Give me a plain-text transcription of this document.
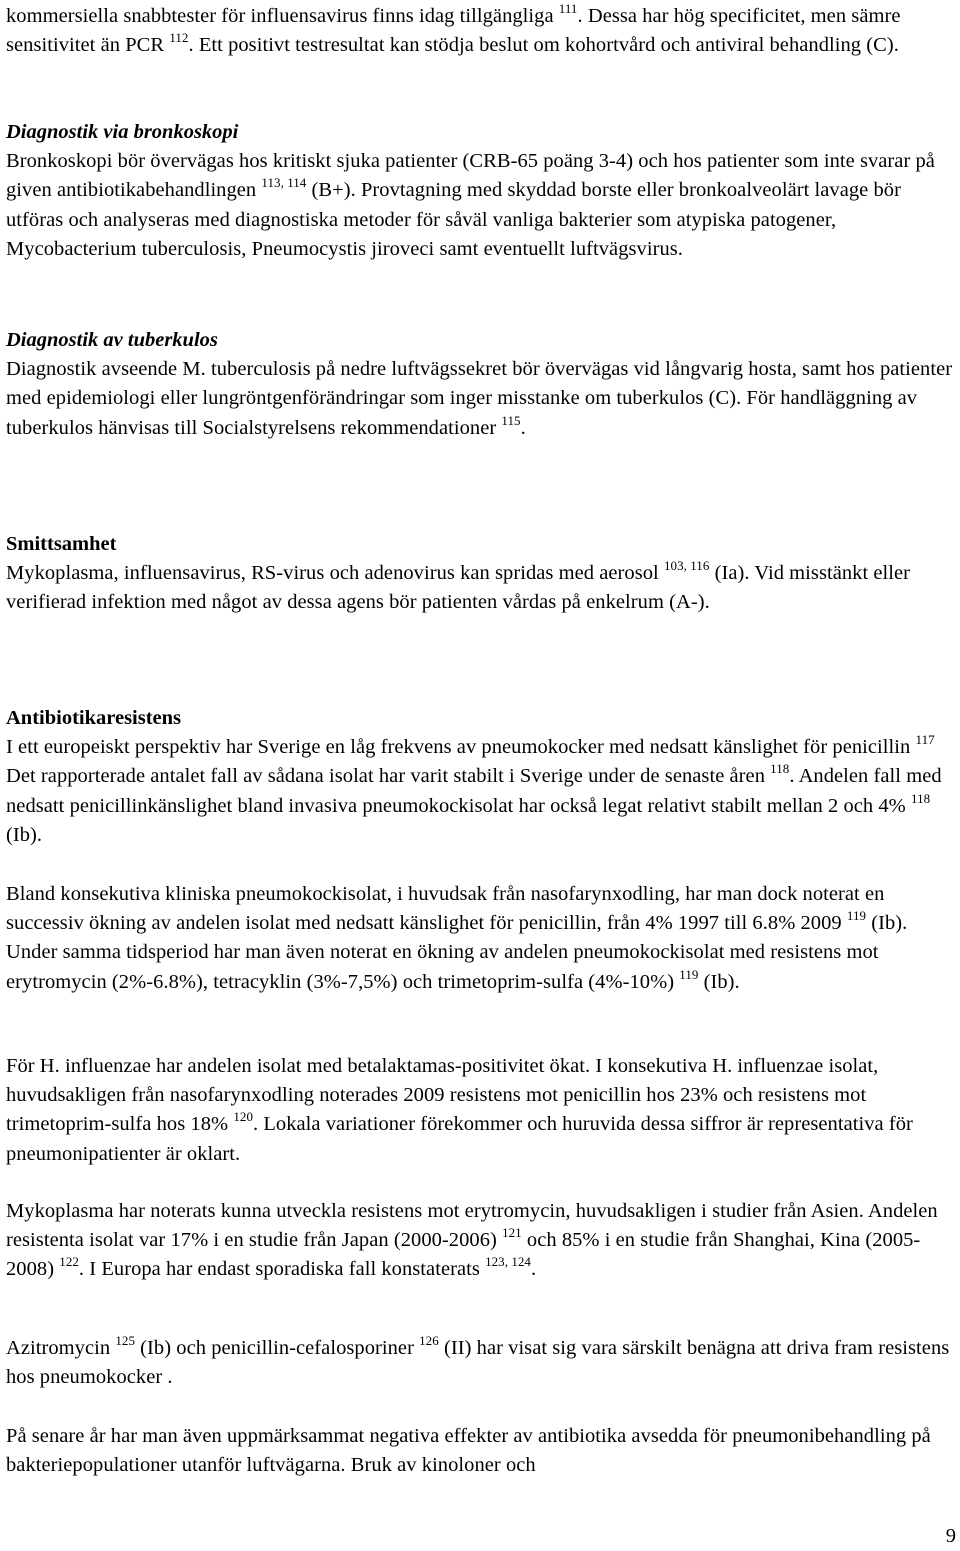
kommersiella snabbtester för influensavirus finns idag tillgängliga $^{111}$. Dessa har hög specificitet, men sämre sensitivitet än PCR $^{112}$. Ett positivt testresultat kan stödja beslut om kohortvård och antiviral behandling (C).

Diagnostik via bronkoskopi

Bronkoskopi bör övervägas hos kritiskt sjuka patienter (CRB-65 poäng 3-4) och hos patienter som inte svarar på given antibiotikabehandlingen $^{113, 114}$ (B+). Provtagning med skyddad borste eller bronkoalveolärt lavage bör utföras och analyseras med diagnostiska metoder för såväl vanliga bakterier som atypiska patogener, Mycobacterium tuberculosis, Pneumocystis jiroveci samt eventuellt luftvägsvirus.

Diagnostik av tuberkulos

Diagnostik avseende M. tuberculosis på nedre luftvägssekret bör övervägas vid långvarig hosta, samt hos patienter med epidemiologi eller lungröntgenförändringar som inger misstanke om tuberkulos (C). För handläggning av tuberkulos hänvisas till Socialstyrelsens rekommendationer $^{115}$.

Smittsamhet

Mykoplasma, influensavirus, RS-virus och adenovirus kan spridas med aerosol $^{103, 116}$ (Ia). Vid misstänkt eller verifierad infektion med något av dessa agens bör patienten vårdas på enkelrum (A-).

Antibiotikaresistens

I ett europeiskt perspektiv har Sverige en låg frekvens av pneumokocker med nedsatt känslighet för penicillin $^{117}$ Det rapporterade antalet fall av sådana isolat har varit stabilt i Sverige under de senaste åren $^{118}$. Andelen fall med nedsatt penicillinkänslighet bland invasiva pneumokockisolat har också legat relativt stabilt mellan 2 och 4% $^{118}$ (Ib).

Bland konsekutiva kliniska pneumokockisolat, i huvudsak från nasofarynxodling, har man dock noterat en successiv ökning av andelen isolat med nedsatt känslighet för penicillin, från 4% 1997 till 6.8% 2009 $^{119}$ (Ib). Under samma tidsperiod har man även noterat en ökning av andelen pneumokockisolat med resistens mot erytromycin (2%-6.8%), tetracyklin (3%-7,5%) och trimetoprim-sulfa (4%-10%) $^{119}$ (Ib).

För H. influenzae har andelen isolat med betalaktamas-positivitet ökat. I konsekutiva H. influenzae isolat, huvudsakligen från nasofarynxodling noterades 2009 resistens mot penicillin hos 23% och resistens mot trimetoprim-sulfa hos 18% $^{120}$. Lokala variationer förekommer och huruvida dessa siffror är representativa för pneumonipatienter är oklart.

Mykoplasma har noterats kunna utveckla resistens mot erytromycin, huvudsakligen i studier från Asien. Andelen resistenta isolat var 17% i en studie från Japan (2000-2006) $^{121}$ och 85% i en studie från Shanghai, Kina (2005-2008) $^{122}$. I Europa har endast sporadiska fall konstaterats $^{123, 124}$.

Azitromycin $^{125}$ (Ib) och penicillin-cefalosporiner $^{126}$ (II) har visat sig vara särskilt benägna att driva fram resistens hos pneumokocker .

På senare år har man även uppmärksammat negativa effekter av antibiotika avsedda för pneumonibehandling på bakteriepopulationer utanför luftvägarna. Bruk av kinoloner och

9
